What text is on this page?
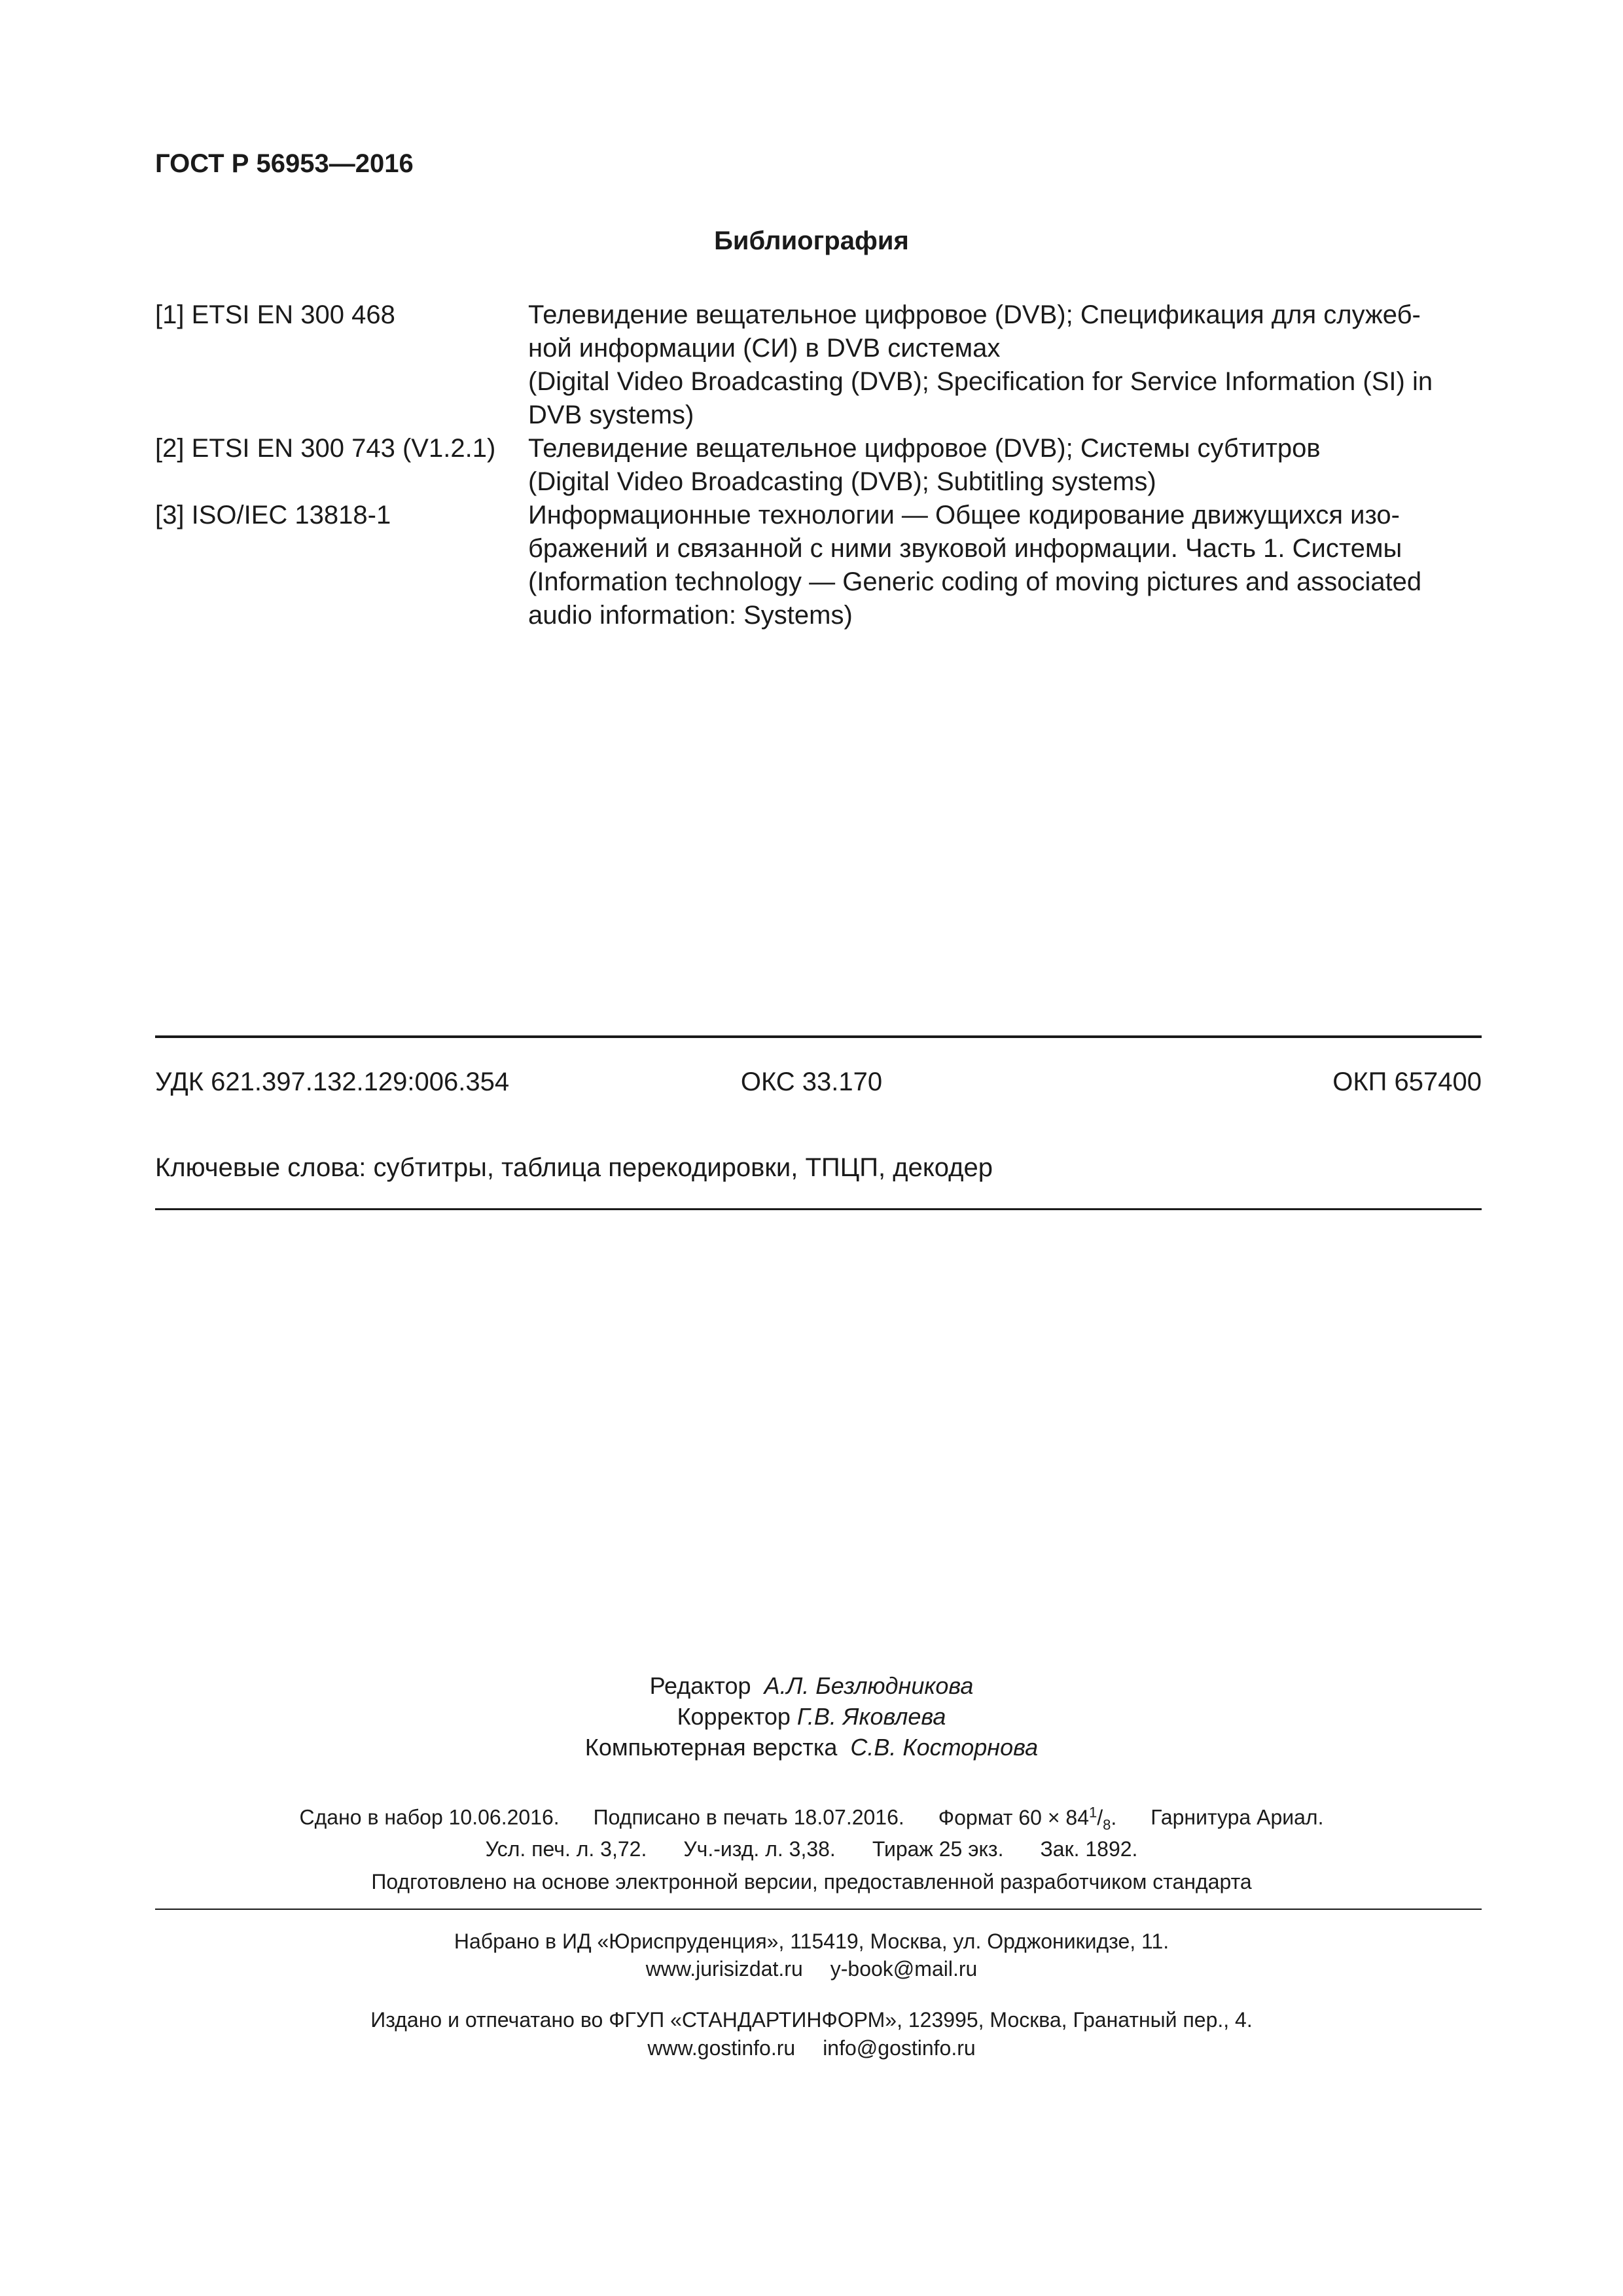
ГОСТ Р 56953—2016
Библиография
[1] ETSI EN 300 468	Телевидение вещательное цифровое (DVB); Спецификация для служеб-
ной информации (СИ) в DVB системах
(Digital Video Broadcasting (DVB); Specification for Service Information (SI) in
DVB systems)
[2] ETSI EN 300 743 (V1.2.1)	Телевидение вещательное цифровое (DVB); Системы субтитров
(Digital Video Broadcasting (DVB); Subtitling systems)
[3] ISO/IEC 13818-1	Информационные технологии — Общее кодирование движущихся изо-
бражений и связанной с ними звуковой информации. Часть 1. Системы
(Information technology — Generic coding of moving pictures and associated
audio information: Systems)
УДК 621.397.132.129:006.354	ОКС 33.170	ОКП 657400
Ключевые слова: субтитры, таблица перекодировки, ТПЦП, декодер
Редактор А.Л. Безлюдникова
Корректор Г.В. Яковлева
Компьютерная верстка С.В. Косторнова
Сдано в набор 10.06.2016. Подписано в печать 18.07.2016. Формат $60 \times 84^1/_8$. Гарнитура Ариал.
Усл. печ. л. 3,72. Уч.-изд. л. 3,38. Тираж 25 экз. Зак. 1892.
Подготовлено на основе электронной версии, предоставленной разработчиком стандарта
Набрано в ИД «Юриспруденция», 115419, Москва, ул. Орджоникидзе, 11.
www.jurisizdat.ru y-book@mail.ru
Издано и отпечатано во ФГУП «СТАНДАРТИНФОРМ», 123995, Москва, Гранатный пер., 4.
www.gostinfo.ru info@gostinfo.ru
